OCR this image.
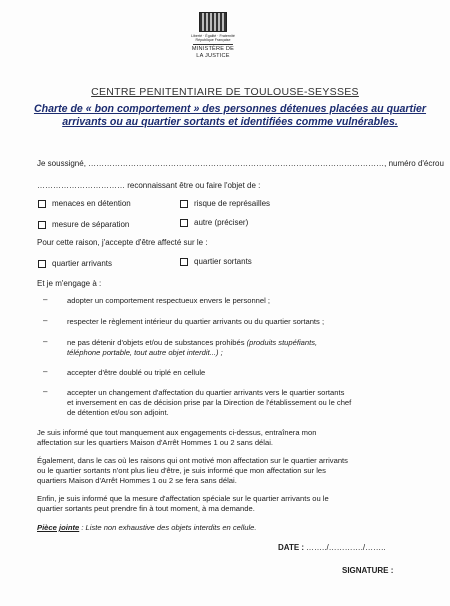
Liberté · Égalité · Fraternité
République Française
MINISTÈRE DE
LA JUSTICE
CENTRE PENITENTIAIRE DE TOULOUSE-SEYSSES
Charte de « bon comportement » des personnes détenues placées au quartier
arrivants ou au quartier sortants et identifiées comme vulnérables.
Je soussigné, …………………………………………………………………………………………………, numéro d'écrou
…………………………… reconnaissant être ou faire l'objet de :
menaces en détention	risque de représailles
mesure de séparation	autre (préciser)
Pour cette raison, j'accepte d'être affecté sur le :
quartier arrivants	quartier sortants
Et je m'engage à :
–	adopter un comportement respectueux envers le personnel ;
–	respecter le règlement intérieur du quartier arrivants ou du quartier sortants ;
–	ne pas détenir d'objets et/ou de substances prohibés (produits stupéfiants,
téléphone portable, tout autre objet interdit...) ;
–	accepter d'être doublé ou triplé en cellule
–	accepter un changement d'affectation du quartier arrivants vers le quartier sortants
et inversement en cas de décision prise par la Direction de l'établissement ou le chef
de détention et/ou son adjoint.
Je suis informé que tout manquement aux engagements ci-dessus, entraînera mon
affectation sur les quartiers Maison d'Arrêt Hommes 1 ou 2 sans délai.
Également, dans le cas où les raisons qui ont motivé mon affectation sur le quartier arrivants
ou le quartier sortants n'ont plus lieu d'être, je suis informé que mon affectation sur les
quartiers Maison d'Arrêt Hommes 1 ou 2 se fera sans délai.
Enfin, je suis informé que la mesure d'affectation spéciale sur le quartier arrivants ou le
quartier sortants peut prendre fin à tout moment, à ma demande.
Pièce jointe : Liste non exhaustive des objets interdits en cellule.
DATE : ……../…………./……..
SIGNATURE :
